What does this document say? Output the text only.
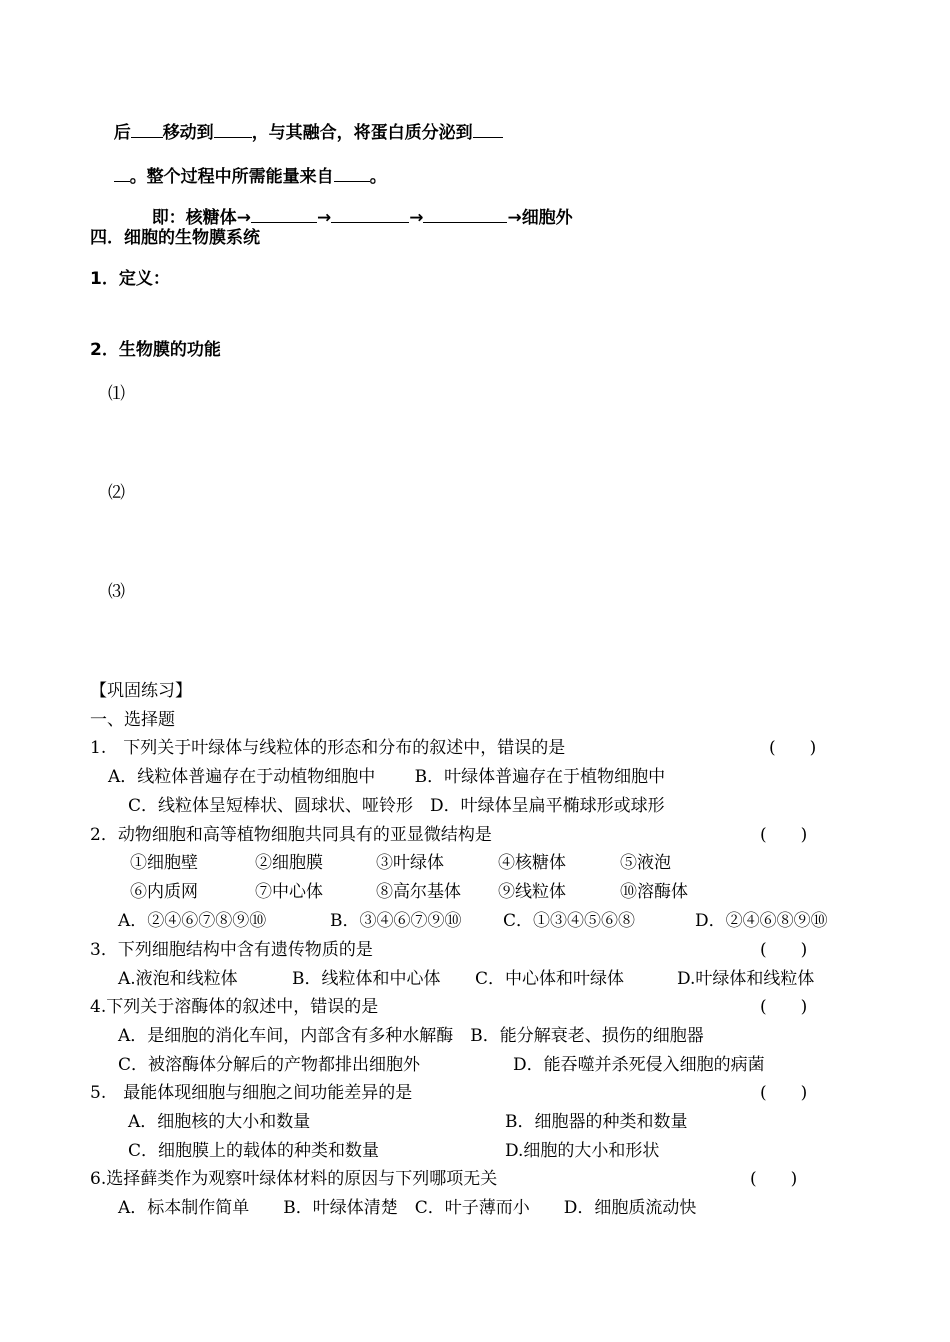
后 移动到 ，与其融合，将蛋白质分泌到

。整个过程中所需能量来自 。

即：核糖体→	→	→	→细胞外

四．细胞的生物膜系统
1．定义：
2．生物膜的功能
⑴
⑵
⑶
【巩固练习】
一、选择题
1.　下列关于叶绿体与线粒体的形态和分布的叙述中，错误的是	(　　)
A．线粒体普遍存在于动植物细胞中　　 B．叶绿体普遍存在于植物细胞中
C．线粒体呈短棒状、圆球状、哑铃形　D．叶绿体呈扁平椭球形或球形
2．动物细胞和高等植物细胞共同具有的亚显微结构是	(　　)
①细胞壁	②细胞膜	③叶绿体	④核糖体	⑤液泡
⑥内质网	⑦中心体	⑧高尔基体 ⑨线粒体	⑩溶酶体
A．②④⑥⑦⑧⑨⑩	B．③④⑥⑦⑨⑩ C．①③④⑤⑥⑧	D．②④⑥⑧⑨⑩
3．下列细胞结构中含有遗传物质的是	(　　)
A.液泡和线粒体	B．线粒体和中心体 C．中心体和叶绿体	D.叶绿体和线粒体
4.下列关于溶酶体的叙述中，错误的是	(　　)
A．是细胞的消化车间，内部含有多种水解酶　B．能分解衰老、损伤的细胞器
C．被溶酶体分解后的产物都排出细胞外	D．能吞噬并杀死侵入细胞的病菌
5.　最能体现细胞与细胞之间功能差异的是	(　　)
A．细胞核的大小和数量	B．细胞器的种类和数量
C．细胞膜上的载体的种类和数量	D.细胞的大小和形状
6.选择藓类作为观察叶绿体材料的原因与下列哪项无关	(　　)
A．标本制作简单　　B．叶绿体清楚　C．叶子薄而小　　D．细胞质流动快
